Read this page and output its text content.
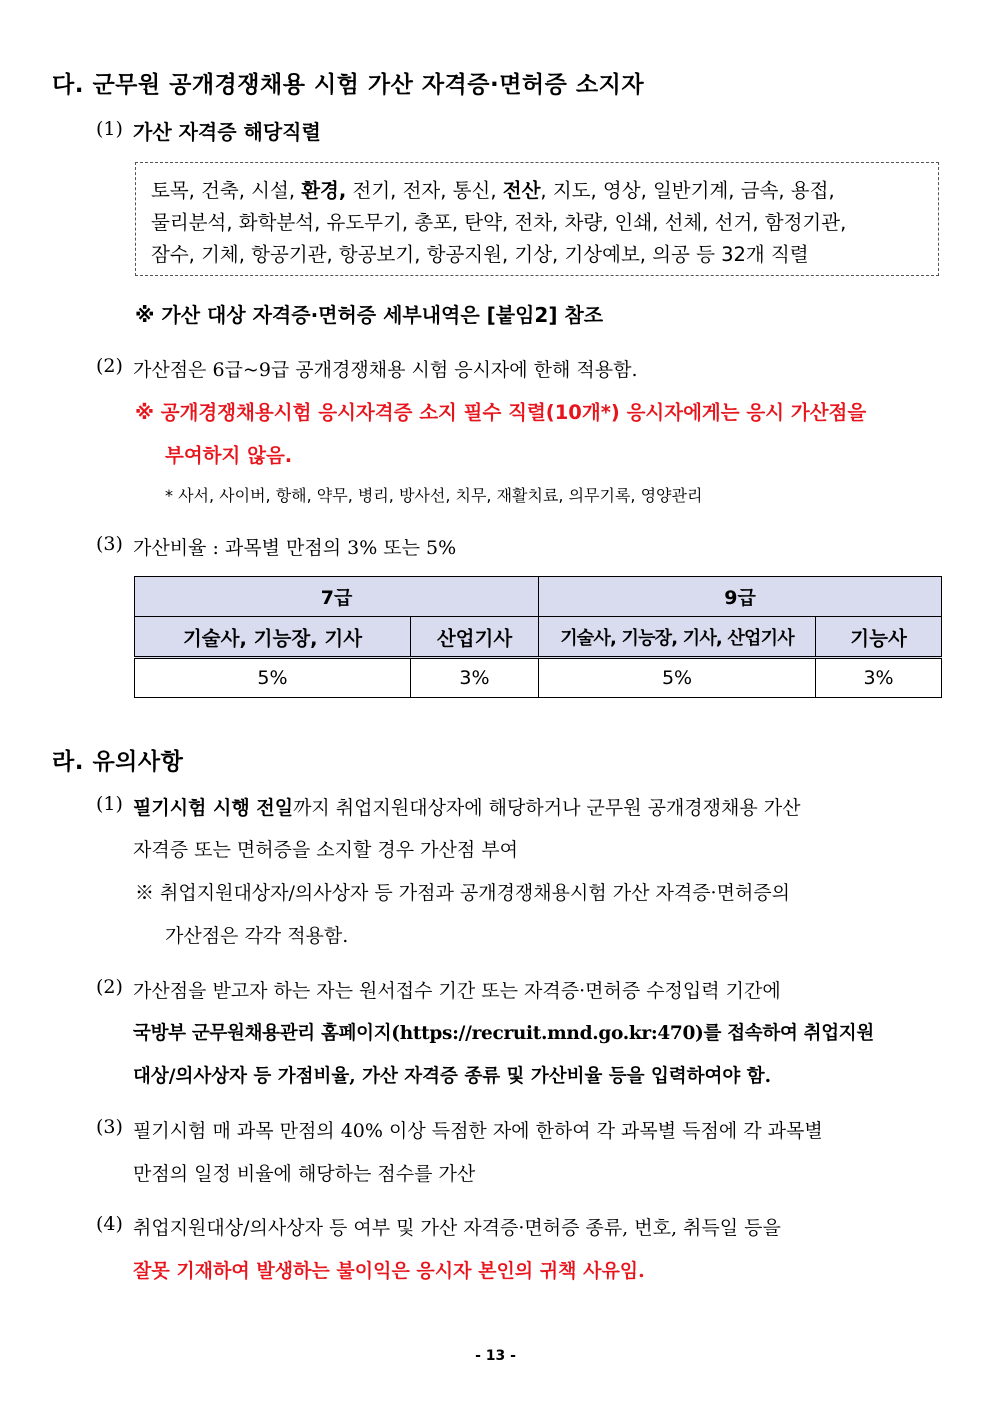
다. 군무원 공개경쟁채용 시험 가산 자격증·면허증 소지자
(1) 가산 자격증 해당직렬
토목, 건축, 시설, 환경, 전기, 전자, 통신, 전산, 지도, 영상, 일반기계, 금속, 용접,
물리분석, 화학분석, 유도무기, 총포, 탄약, 전차, 차량, 인쇄, 선체, 선거, 함정기관,
잠수, 기체, 항공기관, 항공보기, 항공지원, 기상, 기상예보, 의공 등 32개 직렬
※ 가산 대상 자격증·면허증 세부내역은 [붙임2] 참조
(2) 가산점은 6급~9급 공개경쟁채용 시험 응시자에 한해 적용함.
※ 공개경쟁채용시험 응시자격증 소지 필수 직렬(10개*) 응시자에게는 응시 가산점을
부여하지 않음.
* 사서, 사이버, 항해, 약무, 병리, 방사선, 치무, 재활치료, 의무기록, 영양관리
(3) 가산비율 : 과목별 만점의 3% 또는 5%
7급		9급	
기술사, 기능장, 기사	산업기사	기술사, 기능장, 기사, 산업기사	기능사
5%	3%	5%	3%
라. 유의사항
(1) 필기시험 시행 전일까지 취업지원대상자에 해당하거나 군무원 공개경쟁채용 가산
자격증 또는 면허증을 소지할 경우 가산점 부여
※ 취업지원대상자/의사상자 등 가점과 공개경쟁채용시험 가산 자격증·면허증의
가산점은 각각 적용함.
(2) 가산점을 받고자 하는 자는 원서접수 기간 또는 자격증·면허증 수정입력 기간에
국방부 군무원채용관리 홈페이지(https://recruit.mnd.go.kr:470)를 접속하여 취업지원
대상/의사상자 등 가점비율, 가산 자격증 종류 및 가산비율 등을 입력하여야 함.
(3) 필기시험 매 과목 만점의 40% 이상 득점한 자에 한하여 각 과목별 득점에 각 과목별
만점의 일정 비율에 해당하는 점수를 가산
(4) 취업지원대상/의사상자 등 여부 및 가산 자격증·면허증 종류, 번호, 취득일 등을
잘못 기재하여 발생하는 불이익은 응시자 본인의 귀책 사유임.
- 13 -
